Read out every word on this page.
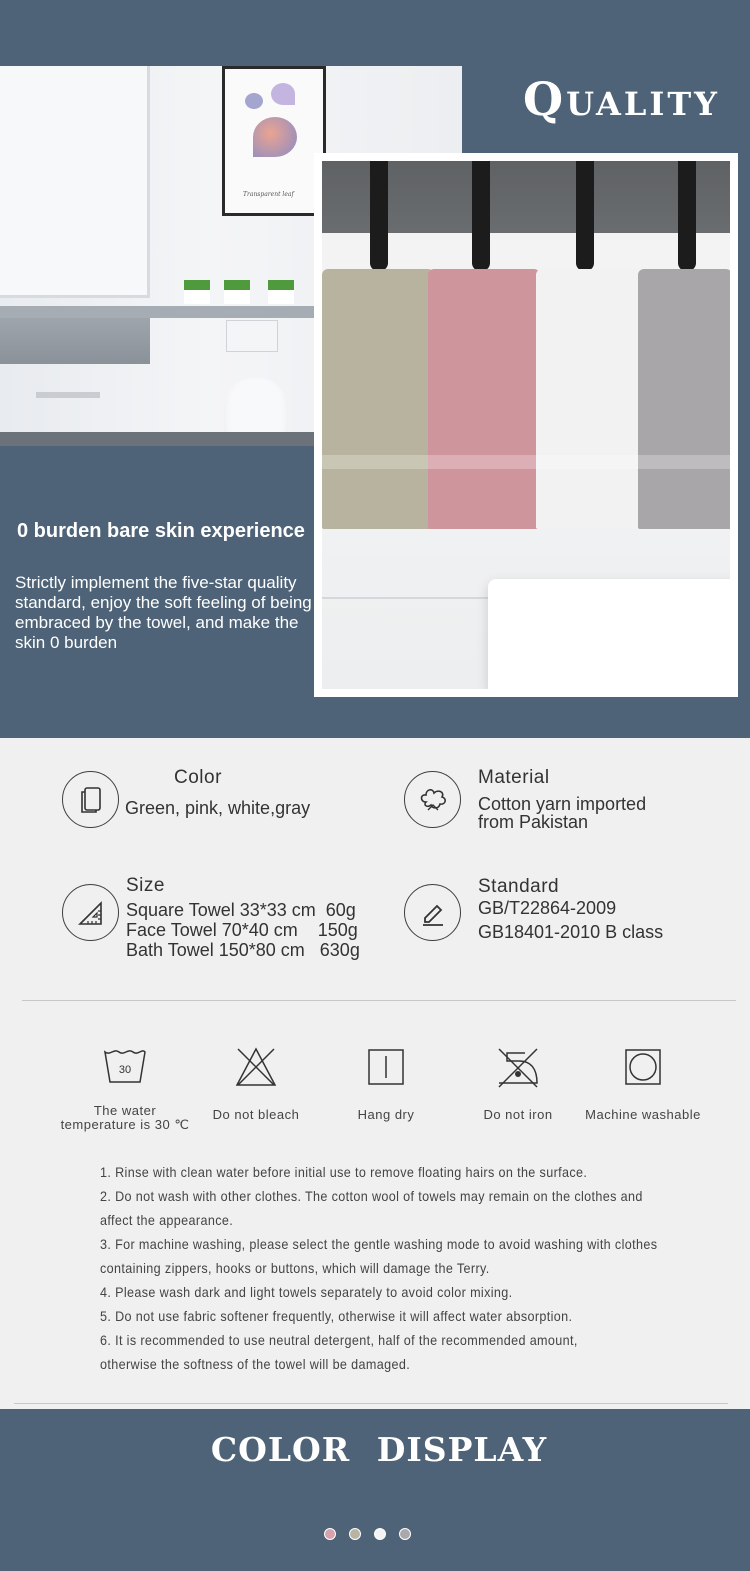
Transparent leaf
Quality
0 burden bare skin experience

Strictly implement the five-star quality standard, enjoy the soft feeling of being embraced by the towel, and make the skin 0 burden

Color
Green, pink, white,gray
Material
Cotton yarn imported
from Pakistan
Size
Square Towel 33*33 cm  60g
Face Towel 70*40 cm    150g
Bath Towel 150*80 cm   630g
Standard
GB/T22864-2009
GB18401-2010 B class
30
The water temperature is 30 ℃
Do not bleach	Hang dry	Do not iron	Machine washable

1. Rinse with clean water before initial use to remove floating hairs on the surface.

2. Do not wash with other clothes. The cotton wool of towels may remain on the clothes and

affect the appearance.

3. For machine washing, please select the gentle washing mode to avoid washing with clothes

containing zippers, hooks or buttons, which will damage the Terry.

4. Please wash dark and light towels separately to avoid color mixing.

5. Do not use fabric softener frequently, otherwise it will affect water absorption.

6. It is recommended to use neutral detergent, half of the recommended amount,

otherwise the softness of the towel will be damaged.

COLOR DISPLAY
